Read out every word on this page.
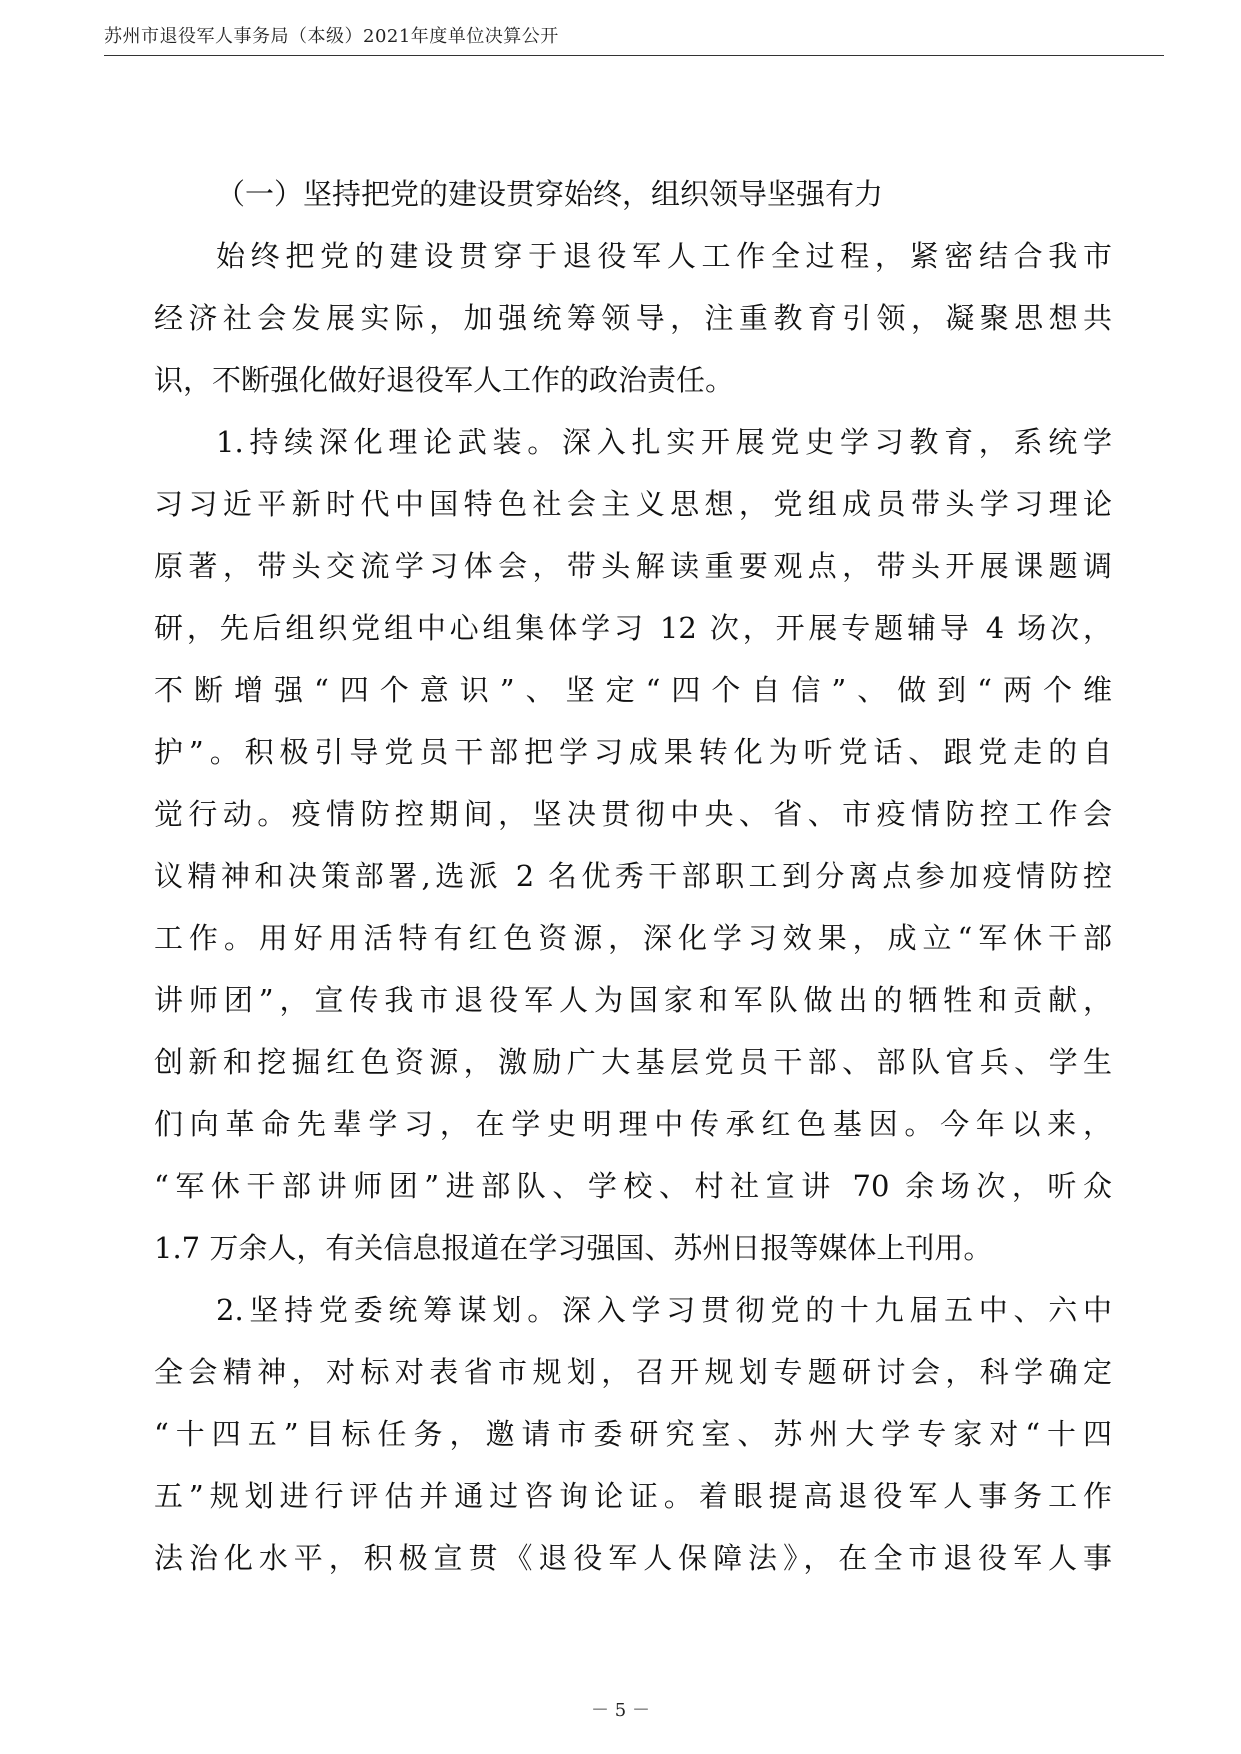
苏州市退役军人事务局（本级）2021年度单位决算公开
（一）坚持把党的建设贯穿始终，组织领导坚强有力
始终把党的建设贯穿于退役军人工作全过程，紧密结合我市
经济社会发展实际，加强统筹领导，注重教育引领，凝聚思想共
识，不断强化做好退役军人工作的政治责任。
1.持续深化理论武装。深入扎实开展党史学习教育，系统学
习习近平新时代中国特色社会主义思想，党组成员带头学习理论
原著，带头交流学习体会，带头解读重要观点，带头开展课题调
研，先后组织党组中心组集体学习 12 次，开展专题辅导 4 场次，
不断增强“四个意识”、坚定“四个自信”、做到“两个维
护”。积极引导党员干部把学习成果转化为听党话、跟党走的自
觉行动。疫情防控期间，坚决贯彻中央、省、市疫情防控工作会
议精神和决策部署,选派 2 名优秀干部职工到分离点参加疫情防控
工作。用好用活特有红色资源，深化学习效果，成立“军休干部
讲师团”，宣传我市退役军人为国家和军队做出的牺牲和贡献，
创新和挖掘红色资源，激励广大基层党员干部、部队官兵、学生
们向革命先辈学习，在学史明理中传承红色基因。今年以来，
“军休干部讲师团”进部队、学校、村社宣讲 70 余场次，听众
1.7 万余人，有关信息报道在学习强国、苏州日报等媒体上刊用。
2.坚持党委统筹谋划。深入学习贯彻党的十九届五中、六中
全会精神，对标对表省市规划，召开规划专题研讨会，科学确定
“十四五”目标任务，邀请市委研究室、苏州大学专家对“十四
五”规划进行评估并通过咨询论证。着眼提高退役军人事务工作
法治化水平，积极宣贯《退役军人保障法》，在全市退役军人事
－ 5 －
